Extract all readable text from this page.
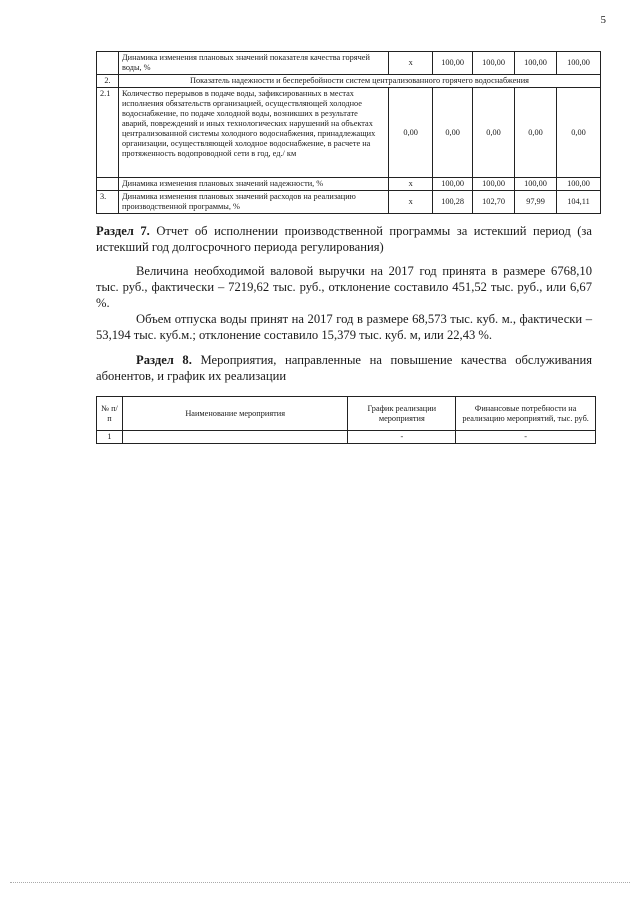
5
	Динамика изменения плановых значений показателя качества горячей воды, %	х	100,00	100,00	100,00	100,00
2.	Показатель надежности и бесперебойности систем централизованного горячего водоснабжения					
2.1	Количество перерывов в подаче воды, зафиксированных в местах исполнения обязательств организацией, осуществляющей холодное водоснабжение, по подаче холодной воды, возникших в результате аварий, повреждений и иных технологических нарушений на объектах централизованной системы холодного водоснабжения, принадлежащих организации, осуществляющей холодное водоснабжение, в расчете на протяженность водопроводной сети в год, ед./ км	0,00	0,00	0,00	0,00	0,00
	Динамика изменения плановых значений надежности, %	х	100,00	100,00	100,00	100,00
3.	Динамика изменения плановых значений расходов на реализацию производственной программы, %	х	100,28	102,70	97,99	104,11
Раздел 7. Отчет об исполнении производственной программы за истекший период (за истекший год долгосрочного периода регулирования)
Величина необходимой валовой выручки на 2017 год принята в размере 6768,10 тыс. руб., фактически – 7219,62 тыс. руб., отклонение составило 451,52 тыс. руб., или 6,67 %.
Объем отпуска воды принят на 2017 год в размере 68,573 тыс. куб. м., фактически – 53,194 тыс. куб.м.; отклонение составило 15,379 тыс. куб. м, или 22,43 %.
Раздел 8. Мероприятия, направленные на повышение качества обслуживания абонентов, и график их реализации
№ п/п	Наименование мероприятия	График реализации мероприятия	Финансовые потребности на реализацию мероприятий, тыс. руб.
1		-	-
